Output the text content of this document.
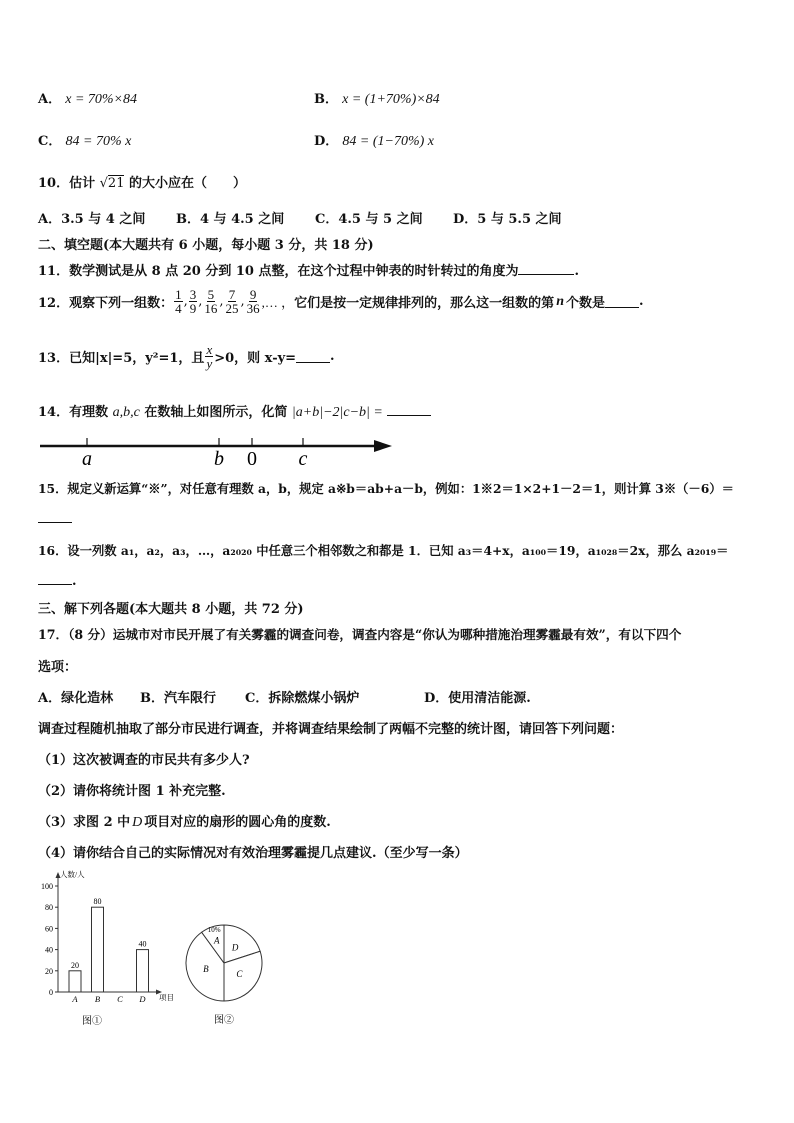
A． x = 70%×84	B． x = (1+70%)×84
C． 84 = 70% x	D． 84 = (1−70%) x
10．估计 √21 的大小应在（　　）
A．3.5 与 4 之间 B．4 与 4.5 之间 C．4.5 与 5 之间 D．5 与 5.5 之间
二、填空题(本大题共有 6 小题，每小题 3 分，共 18 分)
11．数学测试是从 8 点 20 分到 10 点整，在这个过程中钟表的时针转过的角度为	.
12．观察下列一组数： $\frac{1}{4}$ , $\frac{3}{9}$ , $\frac{5}{16}$ , $\frac{7}{25}$ , $\frac{9}{36}$ ,… ， 它们是按一定规律排列的，那么这一组数的第 n 个数是	.
13．已知|x|=5，y²=1，且 $\frac{x}{y} >0$，则 x-y=	.
14．有理数 a,b,c 在数轴上如图所示，化简 |a+b|−2|c−b| =
a	b 0 c
15．规定义新运算“※”，对任意有理数 a，b，规定 a※b＝ab+a－b，例如：1※2＝1×2+1－2＝1，则计算 3※（－6）＝
16．设一列数 a₁，a₂，a₃，…，a₂₀₂₀ 中任意三个相邻数之和都是 1．已知 a₃＝4+x，a₁₀₀＝19，a₁₀₂₈＝2x，那么 a₂₀₁₉＝
.
三、解下列各题(本大题共 8 小题，共 72 分)
17．（8 分）运城市对市民开展了有关雾霾的调查问卷，调查内容是“你认为哪种措施治理雾霾最有效”，有以下四个
选项：
A．绿化造林 B．汽车限行 C．拆除燃煤小锅炉	D．使用清洁能源.
调查过程随机抽取了部分市民进行调查，并将调查结果绘制了两幅不完整的统计图，请回答下列问题：
（1）这次被调查的市民共有多少人?
（2）请你将统计图 1 补充完整.
（3）求图 2 中 D 项目对应的扇形的圆心角的度数.
（4）请你结合自己的实际情况对有效治理雾霾提几点建议.（至少写一条）
人数/人
项目
0
20
40
60
80
100
A
20
B
80
C D
40
图①
D
C
B
A
10%
图②
